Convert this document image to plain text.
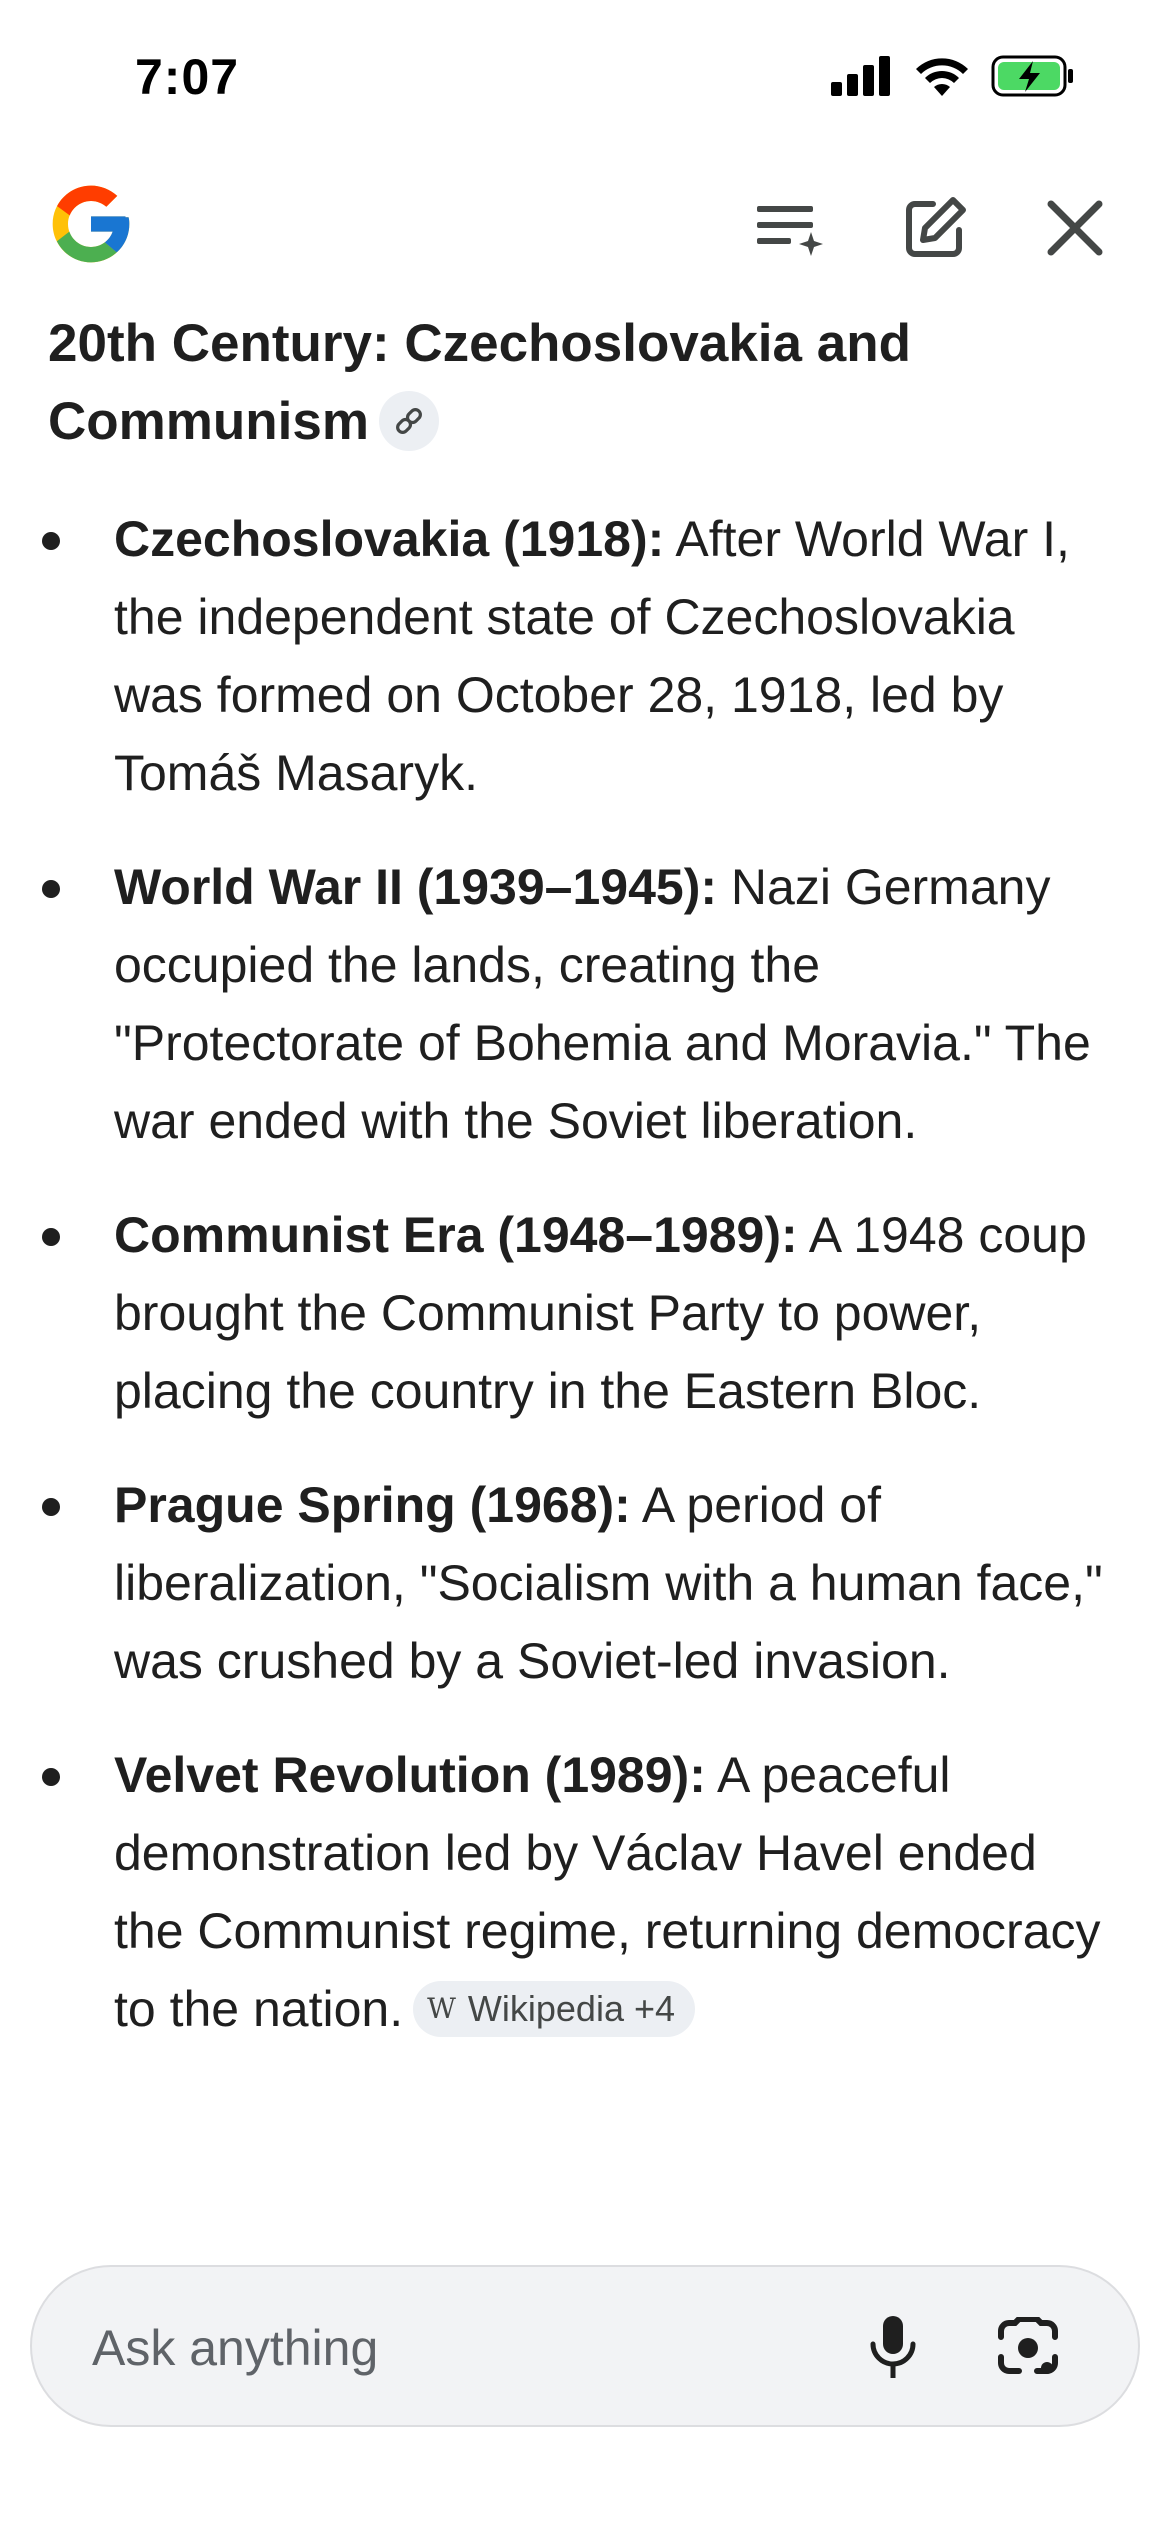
7:07
20th Century: Czechoslovakia and Communism
Czechoslovakia (1918): After World War I, the independent state of Czechoslovakia was formed on October 28, 1918, led by Tomáš Masaryk.
World War II (1939–1945): Nazi Germany occupied the lands, creating the "Protectorate of Bohemia and Moravia." The war ended with the Soviet liberation.
Communist Era (1948–1989): A 1948 coup brought the Communist Party to power, placing the country in the Eastern Bloc.
Prague Spring (1968): A period of liberalization, "Socialism with a human face," was crushed by a Soviet-led invasion.
Velvet Revolution (1989): A peaceful demonstration led by Václav Havel ended the Communist regime, returning democracy to the nation. W Wikipedia +4
Ask anything
